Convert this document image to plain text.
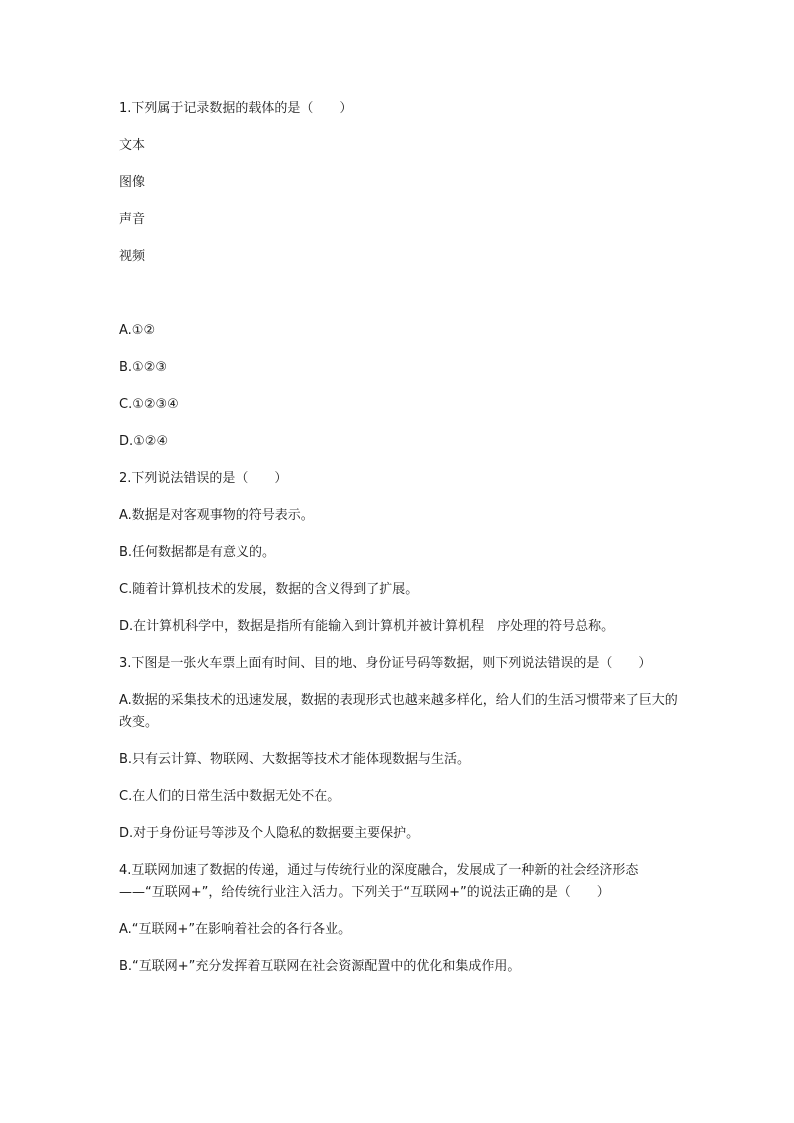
1.下列属于记录数据的载体的是（　　）

文本

图像

声音

视频

A.①②

B.①②③

C.①②③④

D.①②④

2.下列说法错误的是（　　）

A.数据是对客观事物的符号表示。

B.任何数据都是有意义的。

C.随着计算机技术的发展，数据的含义得到了扩展。

D.在计算机科学中，数据是指所有能输入到计算机并被计算机程　序处理的符号总称。

3.下图是一张火车票上面有时间、目的地、身份证号码等数据，则下列说法错误的是（　　）

A.数据的采集技术的迅速发展，数据的表现形式也越来越多样化，给人们的生活习惯带来了巨大的改变。

B.只有云计算、物联网、大数据等技术才能体现数据与生活。

C.在人们的日常生活中数据无处不在。

D.对于身份证号等涉及个人隐私的数据要主要保护。

4.互联网加速了数据的传递，通过与传统行业的深度融合，发展成了一种新的社会经济形态——“互联网+”，给传统行业注入活力。下列关于“互联网+”的说法正确的是（　　）

A.“互联网+”在影响着社会的各行各业。

B.“互联网+”充分发挥着互联网在社会资源配置中的优化和集成作用。
